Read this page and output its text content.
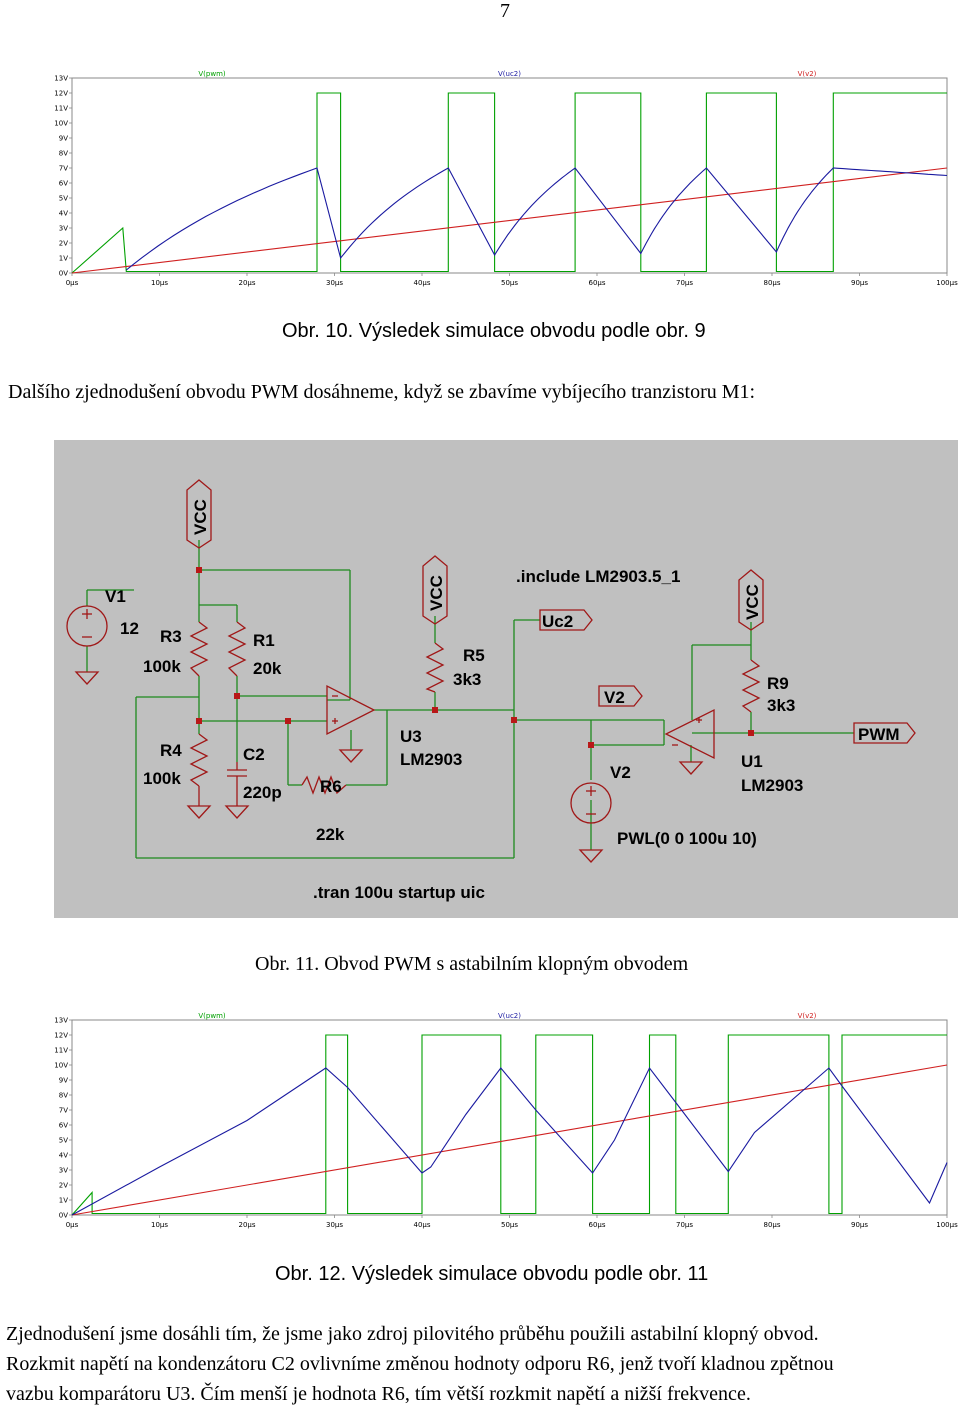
7
0V
1V
2V
3V
4V
5V
6V
7V
8V
9V
10V
11V
12V
13V
0µs	10µs	20µs	30µs	40µs	50µs	60µs	70µs	80µs	90µs	100µs
V(pwm)	V(uc2)	V(v2)
Obr. 10. Výsledek simulace obvodu podle obr. 9
Dalšího zjednodušení obvodu PWM dosáhneme, když se zbavíme vybíjecího tranzistoru M1:
V1
12 R3
100k
R1
20k
R4
100k
C2
220p R6
22k
R5
3k3
U3
LM2903
.include LM2903.5_1
Uc2
V2
V2
PWL(0 0 100u 10)
R9
3k3
U1
LM2903
PWM
.tran 100u startup uic
VCC
VCC	VCC
Obr. 11. Obvod PWM s astabilním klopným obvodem
0V
1V
2V
3V
4V
5V
6V
7V
8V
9V
10V
11V
12V
13V
0µs	10µs	20µs	30µs	40µs	50µs	60µs	70µs	80µs	90µs	100µs
V(pwm)	V(uc2)	V(v2)
Obr. 12. Výsledek simulace obvodu podle obr. 11
Zjednodušení jsme dosáhli tím, že jsme jako zdroj pilovitého průběhu použili astabilní klopný obvod.
Rozkmit napětí na kondenzátoru C2 ovlivníme změnou hodnoty odporu R6, jenž tvoří kladnou zpětnou
vazbu komparátoru U3. Čím menší je hodnota R6, tím větší rozkmit napětí a nižší frekvence.
